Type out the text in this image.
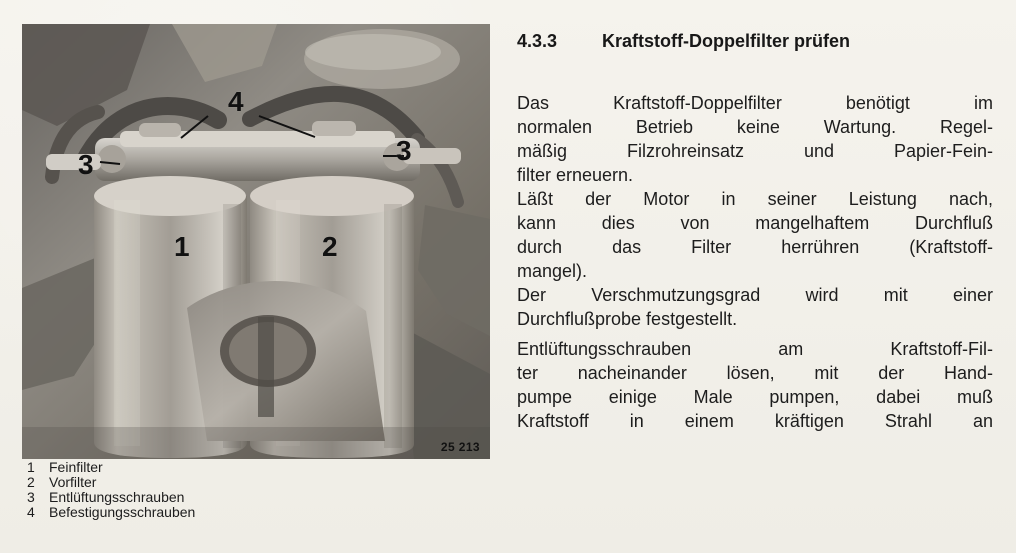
4
3	3
1	2
25 213
1	Feinfilter
2	Vorfilter
3	Entlüftungsschrauben
4	Befestigungsschrauben
4.3.3 Kraftstoff-Doppelfilter prüfen
Das Kraftstoff-Doppelfilter benötigt im
normalen Betrieb keine Wartung. Regel-
mäßig Filzrohreinsatz und Papier-Fein-
filter erneuern.
Läßt der Motor in seiner Leistung nach,
kann dies von mangelhaftem Durchfluß
durch das Filter herrühren (Kraftstoff-
mangel).
Der Verschmutzungsgrad wird mit einer
Durchflußprobe festgestellt.
Entlüftungsschrauben am Kraftstoff-Fil-
ter nacheinander lösen, mit der Hand-
pumpe einige Male pumpen, dabei muß
Kraftstoff in einem kräftigen Strahl an
